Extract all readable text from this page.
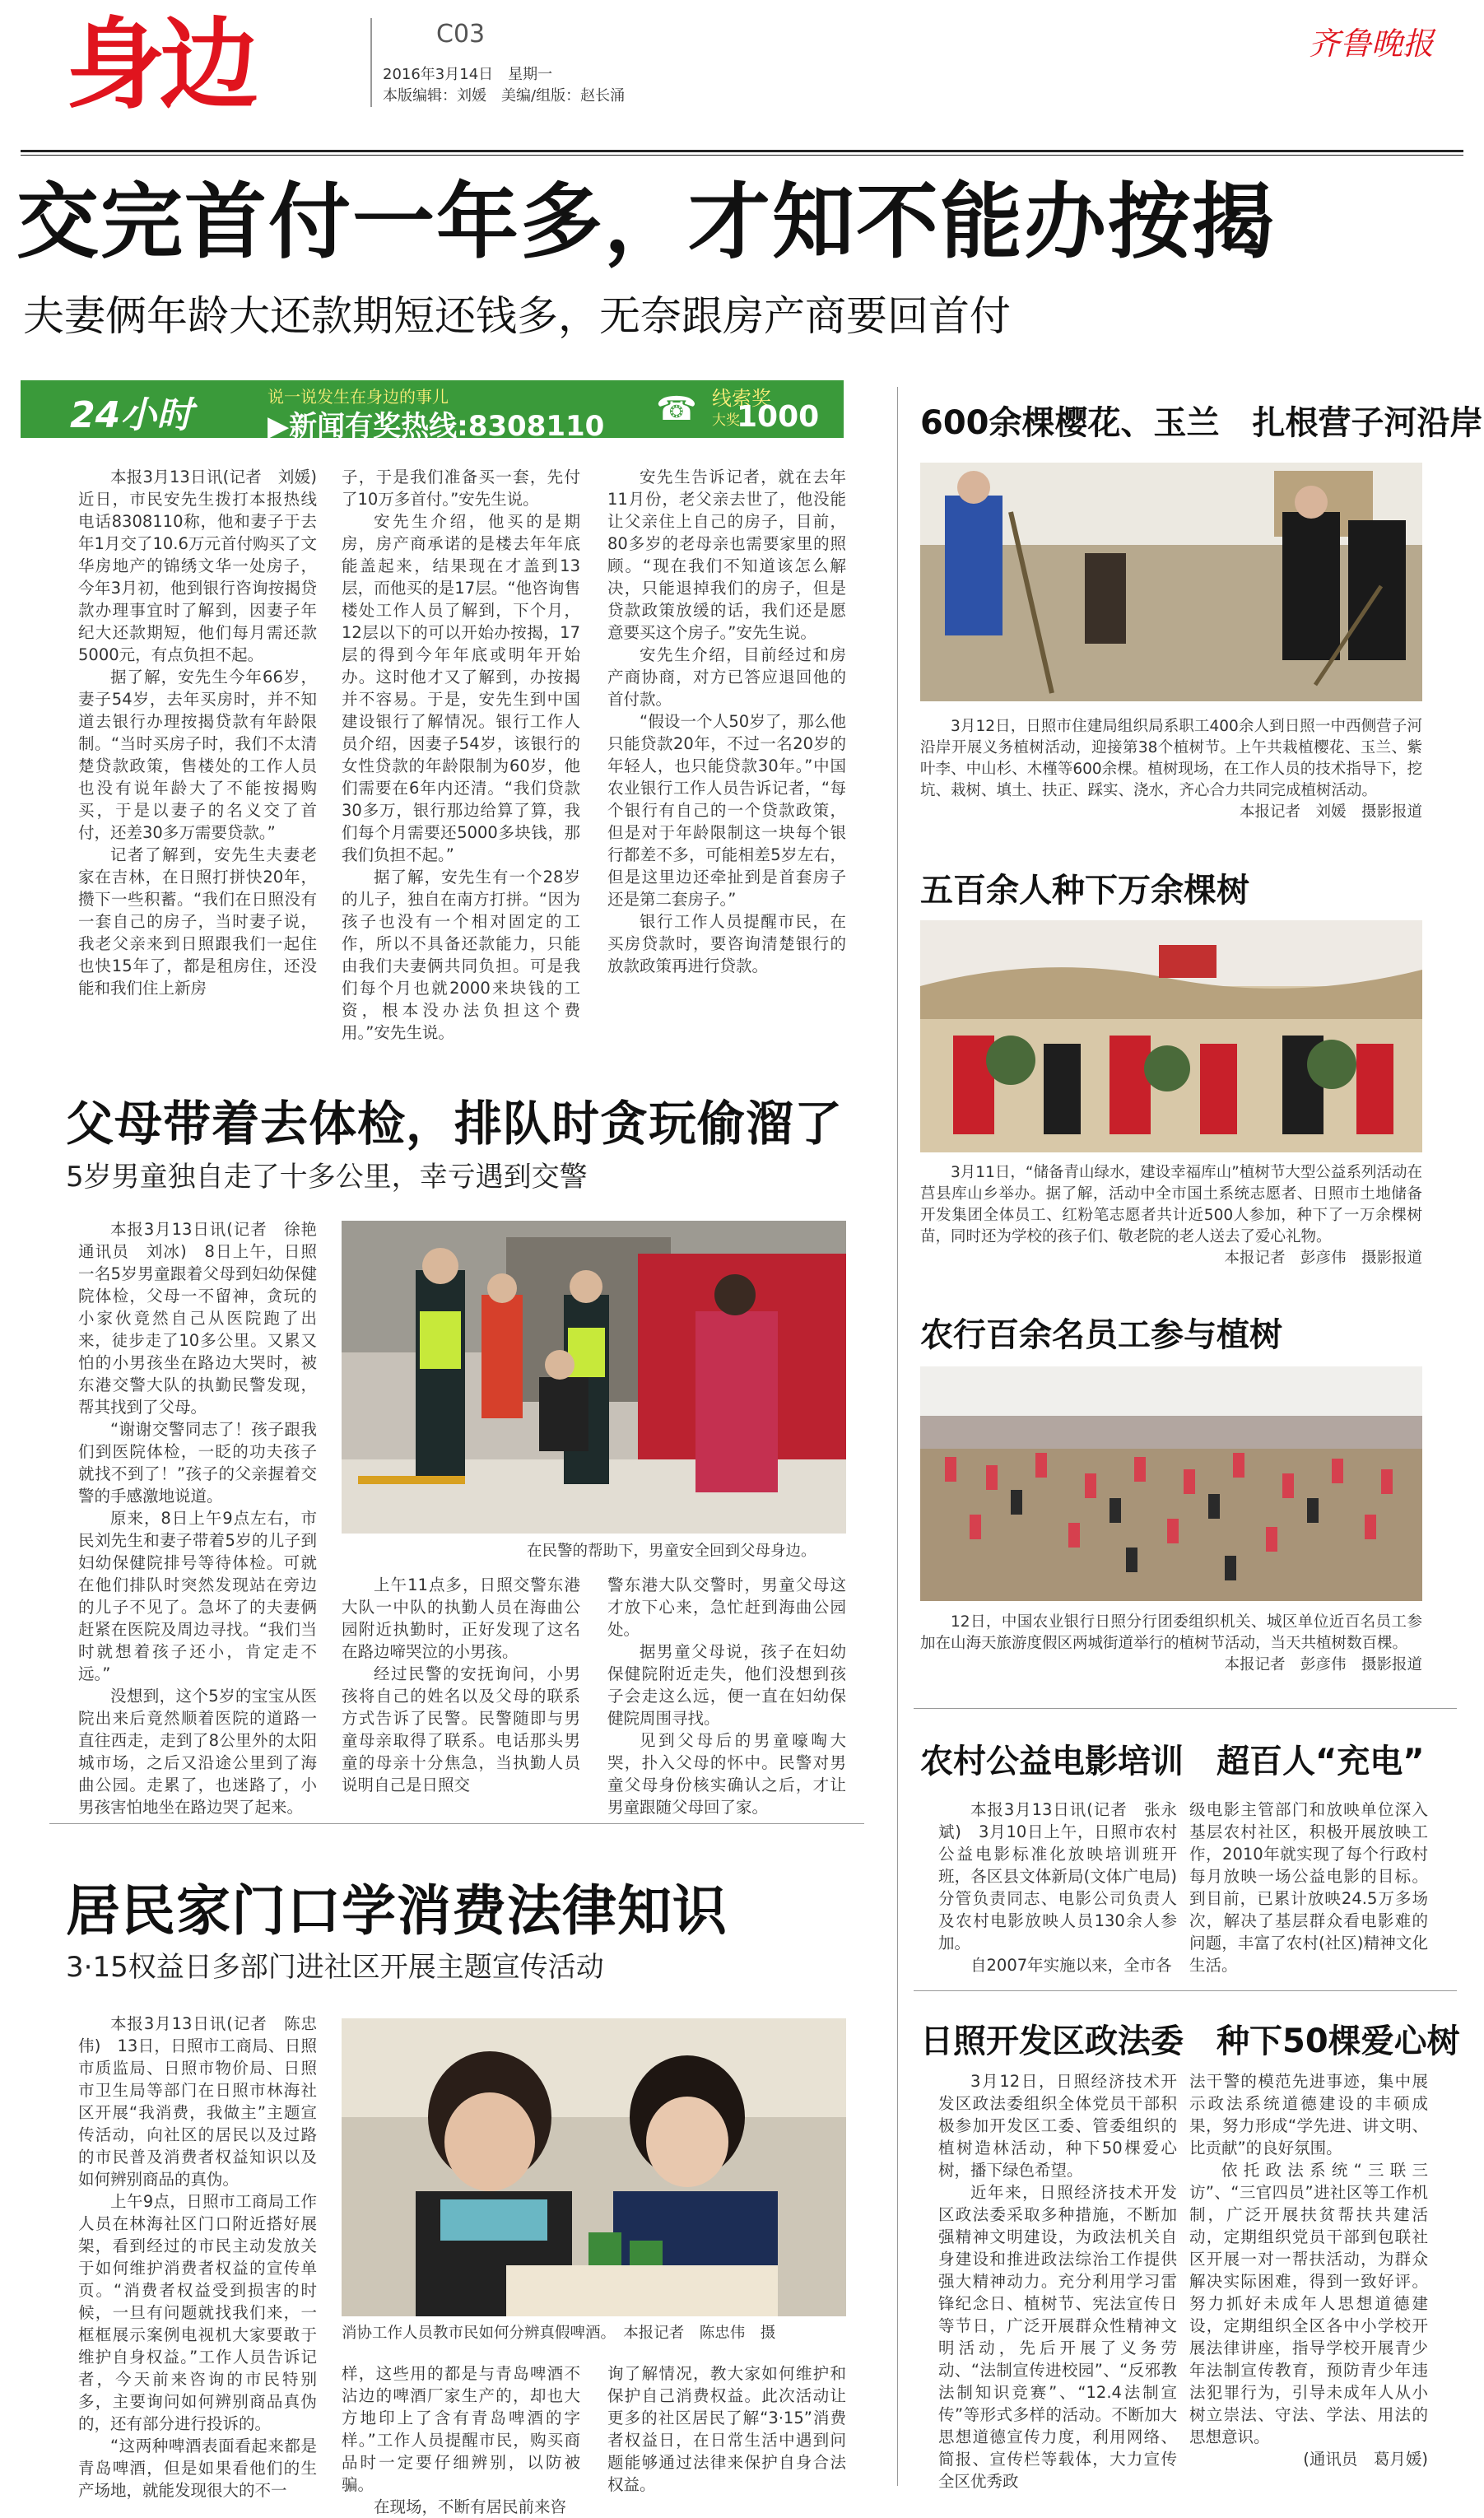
身边	C03
2016年3月14日　星期一
本版编辑：刘媛　美编/组版：赵长涌
齐鲁晚报
交完首付一年多，才知不能办按揭
夫妻俩年龄大还款期短还钱多，无奈跟房产商要回首付
24小时	说一说发生在身边的事儿
▶新闻有奖热线:8308110 ☎ 线索奖
大奖
1000元

本报3月13日讯(记者　刘媛)　近日，市民安先生拨打本报热线电话8308110称，他和妻子于去年1月交了10.6万元首付购买了文华房地产的锦绣文华一处房子，今年3月初，他到银行咨询按揭贷款办理事宜时了解到，因妻子年纪大还款期短，他们每月需还款5000元，有点负担不起。

据了解，安先生今年66岁，妻子54岁，去年买房时，并不知道去银行办理按揭贷款有年龄限制。“当时买房子时，我们不太清楚贷款政策，售楼处的工作人员也没有说年龄大了不能按揭购买，于是以妻子的名义交了首付，还差30多万需要贷款。”

记者了解到，安先生夫妻老家在吉林，在日照打拼快20年，攒下一些积蓄。“我们在日照没有一套自己的房子，当时妻子说，我老父亲来到日照跟我们一起住也快15年了，都是租房住，还没能和我们住上新房

子，于是我们准备买一套，先付了10万多首付。”安先生说。

安先生介绍，他买的是期房，房产商承诺的是楼去年年底能盖起来，结果现在才盖到13层，而他买的是17层。“他咨询售楼处工作人员了解到，下个月，12层以下的可以开始办按揭，17层的得到今年年底或明年开始办。这时他才又了解到，办按揭并不容易。于是，安先生到中国建设银行了解情况。银行工作人员介绍，因妻子54岁，该银行的女性贷款的年龄限制为60岁，他们需要在6年内还清。“我们贷款30多万，银行那边给算了算，我们每个月需要还5000多块钱，那我们负担不起。”

据了解，安先生有一个28岁的儿子，独自在南方打拼。“因为孩子也没有一个相对固定的工作，所以不具备还款能力，只能由我们夫妻俩共同负担。可是我们每个月也就2000来块钱的工资，根本没办法负担这个费用。”安先生说。

安先生告诉记者，就在去年11月份，老父亲去世了，他没能让父亲住上自己的房子，目前，80多岁的老母亲也需要家里的照顾。“现在我们不知道该怎么解决，只能退掉我们的房子，但是贷款政策放缓的话，我们还是愿意要买这个房子。”安先生说。

安先生介绍，目前经过和房产商协商，对方已答应退回他的首付款。

“假设一个人50岁了，那么他只能贷款20年，不过一名20岁的年轻人，也只能贷款30年。”中国农业银行工作人员告诉记者，“每个银行有自己的一个贷款政策，但是对于年龄限制这一块每个银行都差不多，可能相差5岁左右，但是这里边还牵扯到是首套房子还是第二套房子。”

银行工作人员提醒市民，在买房贷款时，要咨询清楚银行的放款政策再进行贷款。

父母带着去体检，排队时贪玩偷溜了
5岁男童独自走了十多公里，幸亏遇到交警

本报3月13日讯(记者　徐艳　通讯员　刘冰)　8日上午，日照一名5岁男童跟着父母到妇幼保健院体检，父母一不留神，贪玩的小家伙竟然自己从医院跑了出来，徒步走了10多公里。又累又怕的小男孩坐在路边大哭时，被东港交警大队的执勤民警发现，帮其找到了父母。

“谢谢交警同志了！孩子跟我们到医院体检，一眨的功夫孩子就找不到了！”孩子的父亲握着交警的手感激地说道。

原来，8日上午9点左右，市民刘先生和妻子带着5岁的儿子到妇幼保健院排号等待体检。可就在他们排队时突然发现站在旁边的儿子不见了。急坏了的夫妻俩赶紧在医院及周边寻找。“我们当时就想着孩子还小，肯定走不远。”

没想到，这个5岁的宝宝从医院出来后竟然顺着医院的道路一直往西走，走到了8公里外的太阳城市场，之后又沿途公里到了海曲公园。走累了，也迷路了，小男孩害怕地坐在路边哭了起来。

在民警的帮助下，男童安全回到父母身边。

上午11点多，日照交警东港大队一中队的执勤人员在海曲公园附近执勤时，正好发现了这名在路边啼哭泣的小男孩。

经过民警的安抚询问，小男孩将自己的姓名以及父母的联系方式告诉了民警。民警随即与男童母亲取得了联系。电话那头男童的母亲十分焦急，当执勤人员说明自己是日照交

警东港大队交警时，男童父母这才放下心来，急忙赶到海曲公园处。

据男童父母说，孩子在妇幼保健院附近走失，他们没想到孩子会走这么远，便一直在妇幼保健院周围寻找。

见到父母后的男童嚎啕大哭，扑入父母的怀中。民警对男童父母身份核实确认之后，才让男童跟随父母回了家。

居民家门口学消费法律知识
3·15权益日多部门进社区开展主题宣传活动

本报3月13日讯(记者　陈忠伟)　13日，日照市工商局、日照市质监局、日照市物价局、日照市卫生局等部门在日照市林海社区开展“我消费，我做主”主题宣传活动，向社区的居民以及过路的市民普及消费者权益知识以及如何辨别商品的真伪。

上午9点，日照市工商局工作人员在林海社区门口附近搭好展架，看到经过的市民主动发放关于如何维护消费者权益的宣传单页。“消费者权益受到损害的时候，一旦有问题就找我们来，一框框展示案例电视机大家要敢于维护自身权益。”工作人员告诉记者，今天前来咨询的市民特别多，主要询问如何辨别商品真伪的，还有部分进行投诉的。

“这两种啤酒表面看起来都是青岛啤酒，但是如果看他们的生产场地，就能发现很大的不一

消协工作人员教市民如何分辨真假啤酒。　本报记者　陈忠伟　摄

样，这些用的都是与青岛啤酒不沾边的啤酒厂家生产的，却也大方地印上了含有青岛啤酒的字样。”工作人员提醒市民，购买商品时一定要仔细辨别，以防被骗。

在现场，不断有居民前来咨

询了解情况，教大家如何维护和保护自己消费权益。此次活动让更多的社区居民了解“3·15”消费者权益日，在日常生活中遇到问题能够通过法律来保护自身合法权益。

600余棵樱花、玉兰　扎根营子河沿岸

3月12日，日照市住建局组织局系职工400余人到日照一中西侧营子河沿岸开展义务植树活动，迎接第38个植树节。上午共栽植樱花、玉兰、紫叶李、中山杉、木槿等600余棵。植树现场，在工作人员的技术指导下，挖坑、栽树、填土、扶正、踩实、浇水，齐心合力共同完成植树活动。

本报记者　刘媛　摄影报道

五百余人种下万余棵树

3月11日，“储备青山绿水，建设幸福库山”植树节大型公益系列活动在莒县库山乡举办。据了解，活动中全市国土系统志愿者、日照市土地储备开发集团全体员工、红粉笔志愿者共计近500人参加，种下了一万余棵树苗，同时还为学校的孩子们、敬老院的老人送去了爱心礼物。

本报记者　彭彦伟　摄影报道

农行百余名员工参与植树

12日，中国农业银行日照分行团委组织机关、城区单位近百名员工参加在山海天旅游度假区两城街道举行的植树节活动，当天共植树数百棵。

本报记者　彭彦伟　摄影报道

农村公益电影培训　超百人“充电”

本报3月13日讯(记者　张永斌)　3月10日上午，日照市农村公益电影标准化放映培训班开班，各区县文体新局(文体广电局)分管负责同志、电影公司负责人及农村电影放映人员130余人参加。

自2007年实施以来，全市各

级电影主管部门和放映单位深入基层农村社区，积极开展放映工作，2010年就实现了每个行政村每月放映一场公益电影的目标。到目前，已累计放映24.5万多场次，解决了基层群众看电影难的问题，丰富了农村(社区)精神文化生活。

日照开发区政法委　种下50棵爱心树

3月12日，日照经济技术开发区政法委组织全体党员干部积极参加开发区工委、管委组织的植树造林活动，种下50棵爱心树，播下绿色希望。

近年来，日照经济技术开发区政法委采取多种措施，不断加强精神文明建设，为政法机关自身建设和推进政法综治工作提供强大精神动力。充分利用学习雷锋纪念日、植树节、宪法宣传日等节日，广泛开展群众性精神文明活动，先后开展了义务劳动、“法制宣传进校园”、“反邪教法制知识竞赛”、“12.4法制宣传”等形式多样的活动。不断加大思想道德宣传力度，利用网络、简报、宣传栏等载体，大力宣传全区优秀政

法干警的模范先进事迹，集中展示政法系统道德建设的丰硕成果，努力形成“学先进、讲文明、比贡献”的良好氛围。

依托政法系统“三联三访”、“三官四员”进社区等工作机制，广泛开展扶贫帮扶共建活动，定期组织党员干部到包联社区开展一对一帮扶活动，为群众解决实际困难，得到一致好评。努力抓好未成年人思想道德建设，定期组织全区各中小学校开展法律讲座，指导学校开展青少年法制宣传教育，预防青少年违法犯罪行为，引导未成年人从小树立崇法、守法、学法、用法的思想意识。

(通讯员　葛月媛)
